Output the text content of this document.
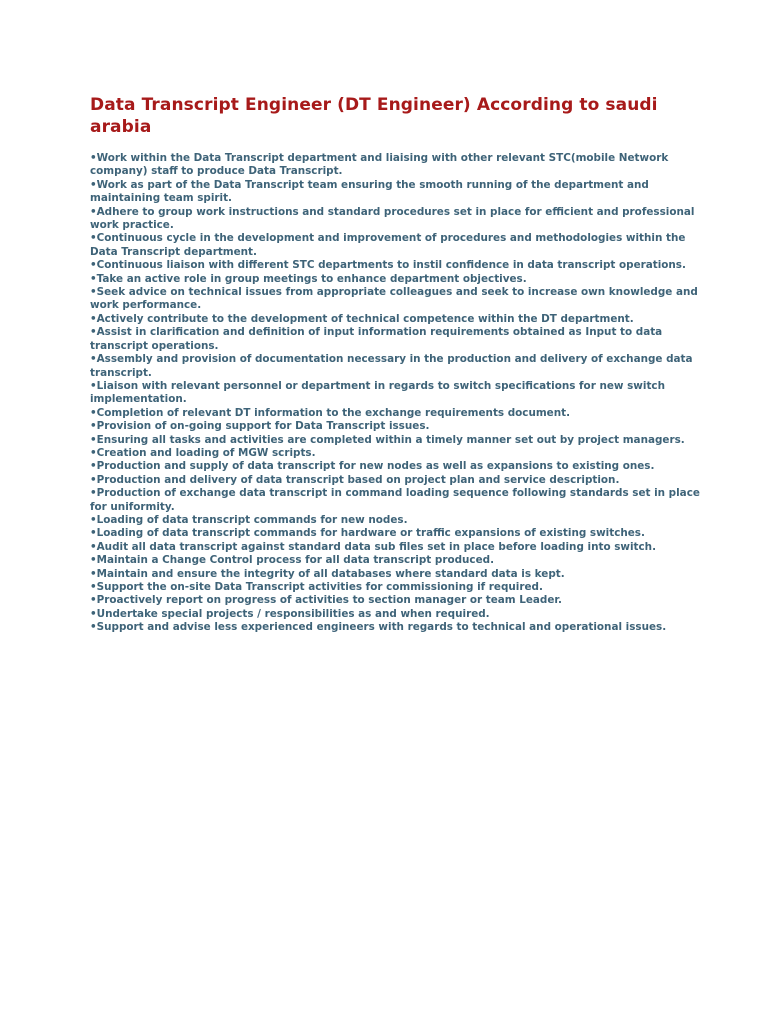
Data Transcript Engineer (DT Engineer) According to saudi arabia
•Work within the Data Transcript department and liaising with other relevant STC(mobile Network company) staff to produce Data Transcript.
•Work as part of the Data Transcript team ensuring the smooth running of the department and maintaining team spirit.
•Adhere to group work instructions and standard procedures set in place for efficient and professional work practice.
•Continuous cycle in the development and improvement of procedures and methodologies within the Data Transcript department.
•Continuous liaison with different STC departments to instil confidence in data transcript operations.
•Take an active role in group meetings to enhance department objectives.
•Seek advice on technical issues from appropriate colleagues and seek to increase own knowledge and work performance.
•Actively contribute to the development of technical competence within the DT department.
•Assist in clarification and definition of input information requirements obtained as Input to data transcript operations.
•Assembly and provision of documentation necessary in the production and delivery of exchange data transcript.
•Liaison with relevant personnel or department in regards to switch specifications for new switch implementation.
•Completion of relevant DT information to the exchange requirements document.
•Provision of on-going support for Data Transcript issues.
•Ensuring all tasks and activities are completed within a timely manner set out by project managers.
•Creation and loading of MGW scripts.
•Production and supply of data transcript for new nodes as well as expansions to existing ones.
•Production and delivery of data transcript based on project plan and service description.
•Production of exchange data transcript in command loading sequence following standards set in place for uniformity.
•Loading of data transcript commands for new nodes.
•Loading of data transcript commands for hardware or traffic expansions of existing switches.
•Audit all data transcript against standard data sub files set in place before loading into switch.
•Maintain a Change Control process for all data transcript produced.
•Maintain and ensure the integrity of all databases where standard data is kept.
•Support the on-site Data Transcript activities for commissioning if required.
•Proactively report on progress of activities to section manager or team Leader.
•Undertake special projects / responsibilities as and when required.
•Support and advise less experienced engineers with regards to technical and operational issues.
